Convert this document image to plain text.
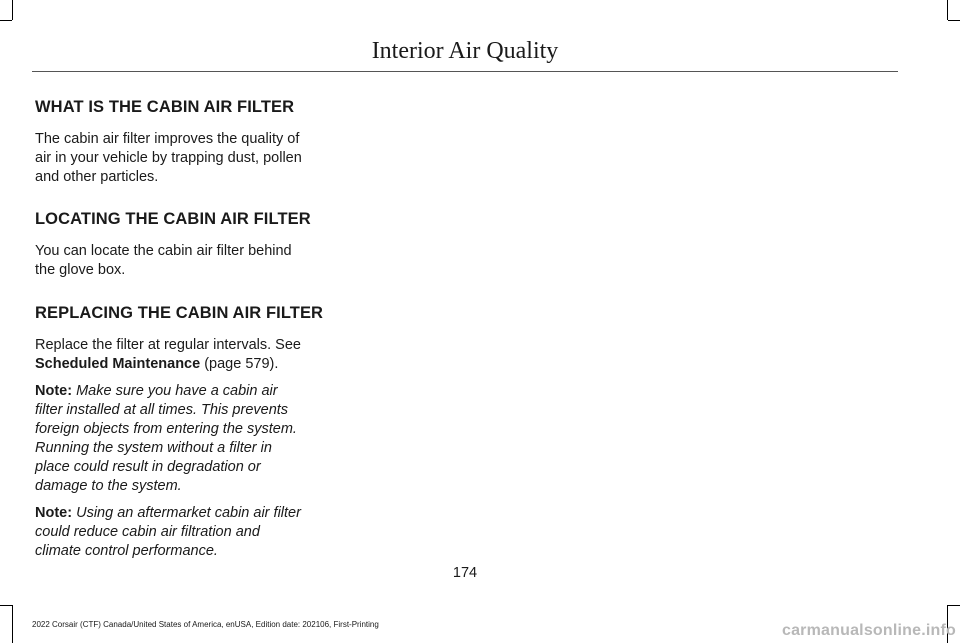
Interior Air Quality
WHAT IS THE CABIN AIR FILTER

The cabin air filter improves the quality of air in your vehicle by trapping dust, pollen and other particles.

LOCATING THE CABIN AIR FILTER

You can locate the cabin air filter behind the glove box.

REPLACING THE CABIN AIR FILTER

Replace the filter at regular intervals. See
Scheduled Maintenance (page 579).

Note: Make sure you have a cabin air filter installed at all times. This prevents foreign objects from entering the system. Running the system without a filter in place could result in degradation or damage to the system.

Note: Using an aftermarket cabin air filter could reduce cabin air filtration and climate control performance.

174

2022 Corsair (CTF) Canada/United States of America, enUSA, Edition date: 202106, First-Printing	carmanualsonline.info
